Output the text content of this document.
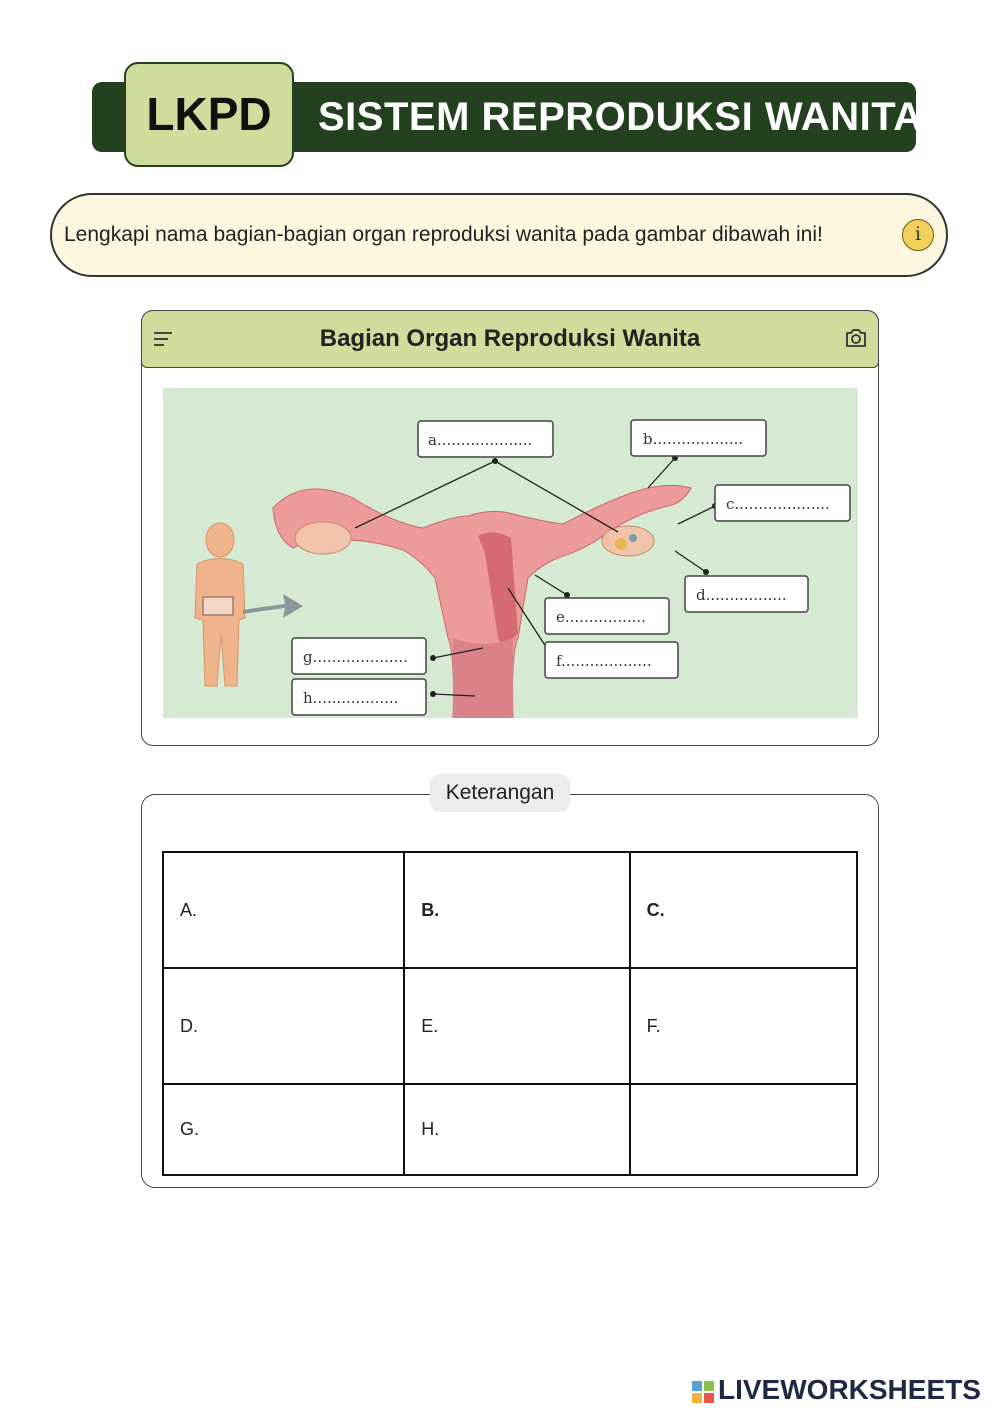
SISTEM REPRODUKSI WANITA
LKPD
Lengkapi nama bagian-bagian organ reproduksi wanita pada gambar dibawah ini!	i
Bagian Organ Reproduksi Wanita
a....................	b...................
c....................
d.................
e.................
f...................
g....................
h..................
Keterangan
A.	B.	C.
D.	E.	F.
G.	H.	
LIVEWORKSHEETS
